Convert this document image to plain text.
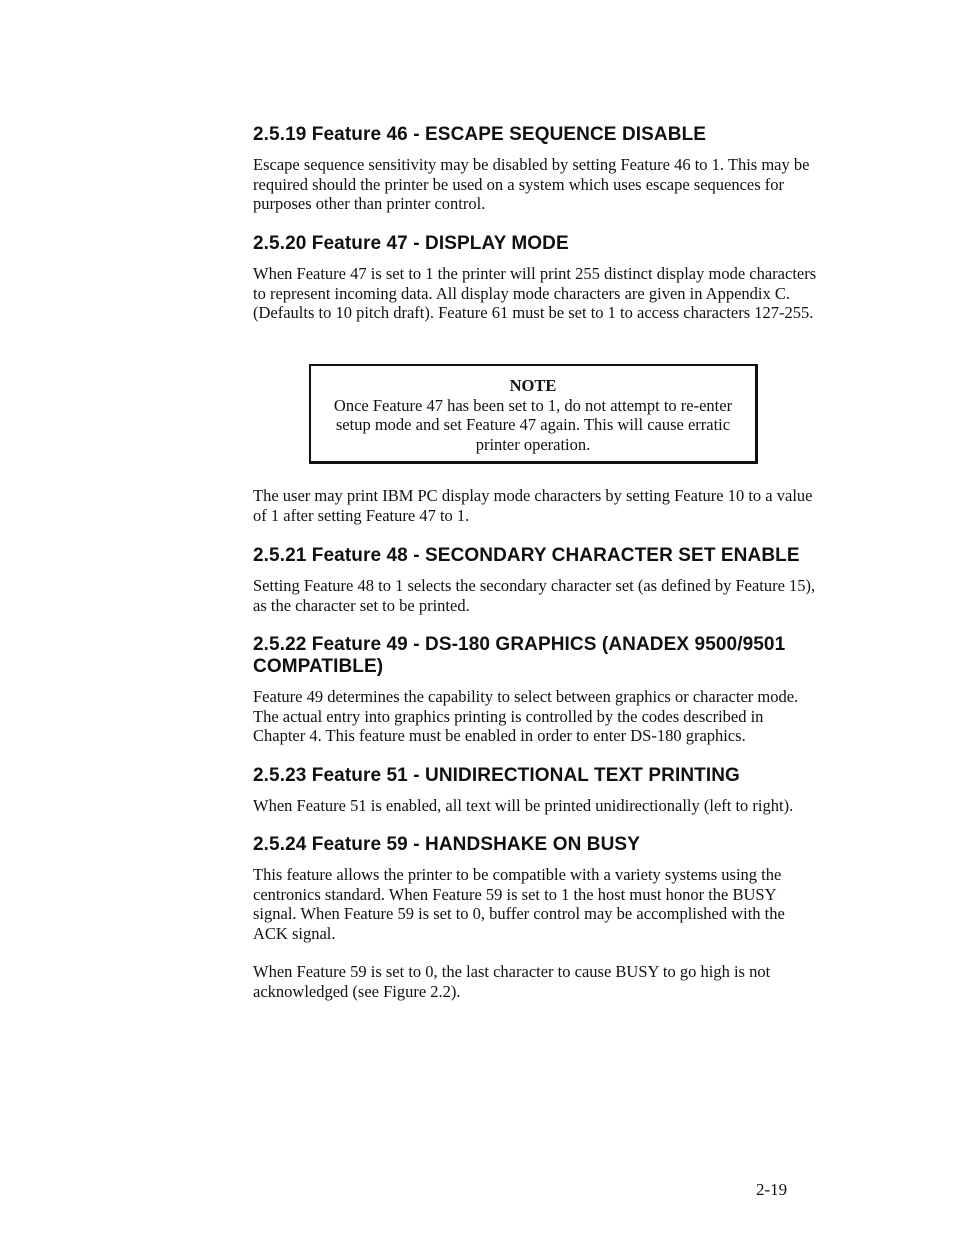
2.5.19 Feature 46 - ESCAPE SEQUENCE DISABLE

Escape sequence sensitivity may be disabled by setting Feature 46 to 1. This may be required should the printer be used on a system which uses escape sequences for purposes other than printer control.

2.5.20 Feature 47 - DISPLAY MODE

When Feature 47 is set to 1 the printer will print 255 distinct display mode characters to represent incoming data. All display mode characters are given in Appendix C. (Defaults to 10 pitch draft). Feature 61 must be set to 1 to access characters 127-255.

NOTE
Once Feature 47 has been set to 1, do not attempt to re-enter setup mode and set Feature 47 again. This will cause erratic printer operation.

The user may print IBM PC display mode characters by setting Feature 10 to a value of 1 after setting Feature 47 to 1.

2.5.21 Feature 48 - SECONDARY CHARACTER SET ENABLE

Setting Feature 48 to 1 selects the secondary character set (as defined by Feature 15), as the character set to be printed.

2.5.22 Feature 49 - DS-180 GRAPHICS (ANADEX 9500/9501 COMPATIBLE)

Feature 49 determines the capability to select between graphics or character mode. The actual entry into graphics printing is controlled by the codes described in Chapter 4. This feature must be enabled in order to enter DS-180 graphics.

2.5.23 Feature 51 - UNIDIRECTIONAL TEXT PRINTING

When Feature 51 is enabled, all text will be printed unidirectionally (left to right).

2.5.24 Feature 59 - HANDSHAKE ON BUSY

This feature allows the printer to be compatible with a variety systems using the centronics standard. When Feature 59 is set to 1 the host must honor the BUSY signal. When Feature 59 is set to 0, buffer control may be accomplished with the ACK signal.

When Feature 59 is set to 0, the last character to cause BUSY to go high is not acknowledged (see Figure 2.2).

2-19
